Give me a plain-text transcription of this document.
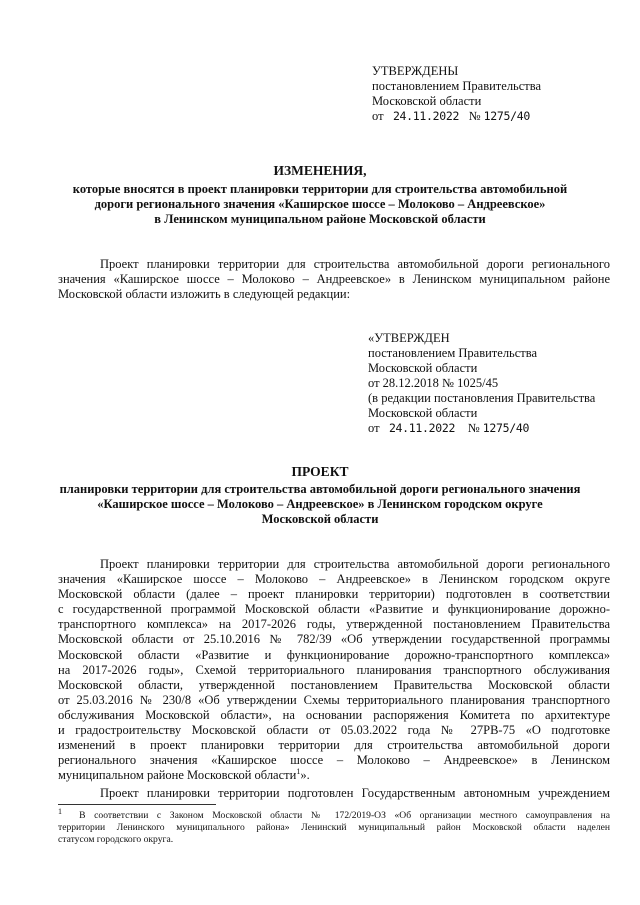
УТВЕРЖДЕНЫ
постановлением Правительства
Московской области
от 24.11.2022 № 1275/40
ИЗМЕНЕНИЯ,
которые вносятся в проект планировки территории для строительства автомобильной
дороги регионального значения «Каширское шоссе – Молоково – Андреевское»
в Ленинском муниципальном районе Московской области
Проект планировки территории для строительства автомобильной дороги регионального
значения «Каширское шоссе – Молоково – Андреевское» в Ленинском муниципальном районе
Московской области изложить в следующей редакции:
«УТВЕРЖДЕН
постановлением Правительства
Московской области
от 28.12.2018 № 1025/45
(в редакции постановления Правительства
Московской области
от 24.11.2022 № 1275/40
ПРОЕКТ
планировки территории для строительства автомобильной дороги регионального значения
«Каширское шоссе – Молоково – Андреевское» в Ленинском городском округе
Московской области
Проект планировки территории для строительства автомобильной дороги регионального
значения «Каширское шоссе – Молоково – Андреевское» в Ленинском городском округе
Московской области (далее – проект планировки территории) подготовлен в соответствии
с государственной программой Московской области «Развитие и функционирование дорожно-
транспортного комплекса» на 2017-2026 годы, утвержденной постановлением Правительства
Московской области от 25.10.2016 № 782/39 «Об утверждении государственной программы
Московской области «Развитие и функционирование дорожно-транспортного комплекса»
на 2017-2026 годы», Схемой территориального планирования транспортного обслуживания
Московской области, утвержденной постановлением Правительства Московской области
от 25.03.2016 № 230/8 «Об утверждении Схемы территориального планирования транспортного
обслуживания Московской области», на основании распоряжения Комитета по архитектуре
и градостроительству Московской области от 05.03.2022 года № 27РВ-75 «О подготовке
изменений в проект планировки территории для строительства автомобильной дороги
регионального значения «Каширское шоссе – Молоково – Андреевское» в Ленинском
муниципальном районе Московской области$^1$».
Проект планировки территории подготовлен Государственным автономным учреждением
$^1$ В соответствии с Законом Московской области № 172/2019-ОЗ «Об организации местного самоуправления на
территории Ленинского муниципального района» Ленинский муниципальный район Московской области наделен
статусом городского округа.
